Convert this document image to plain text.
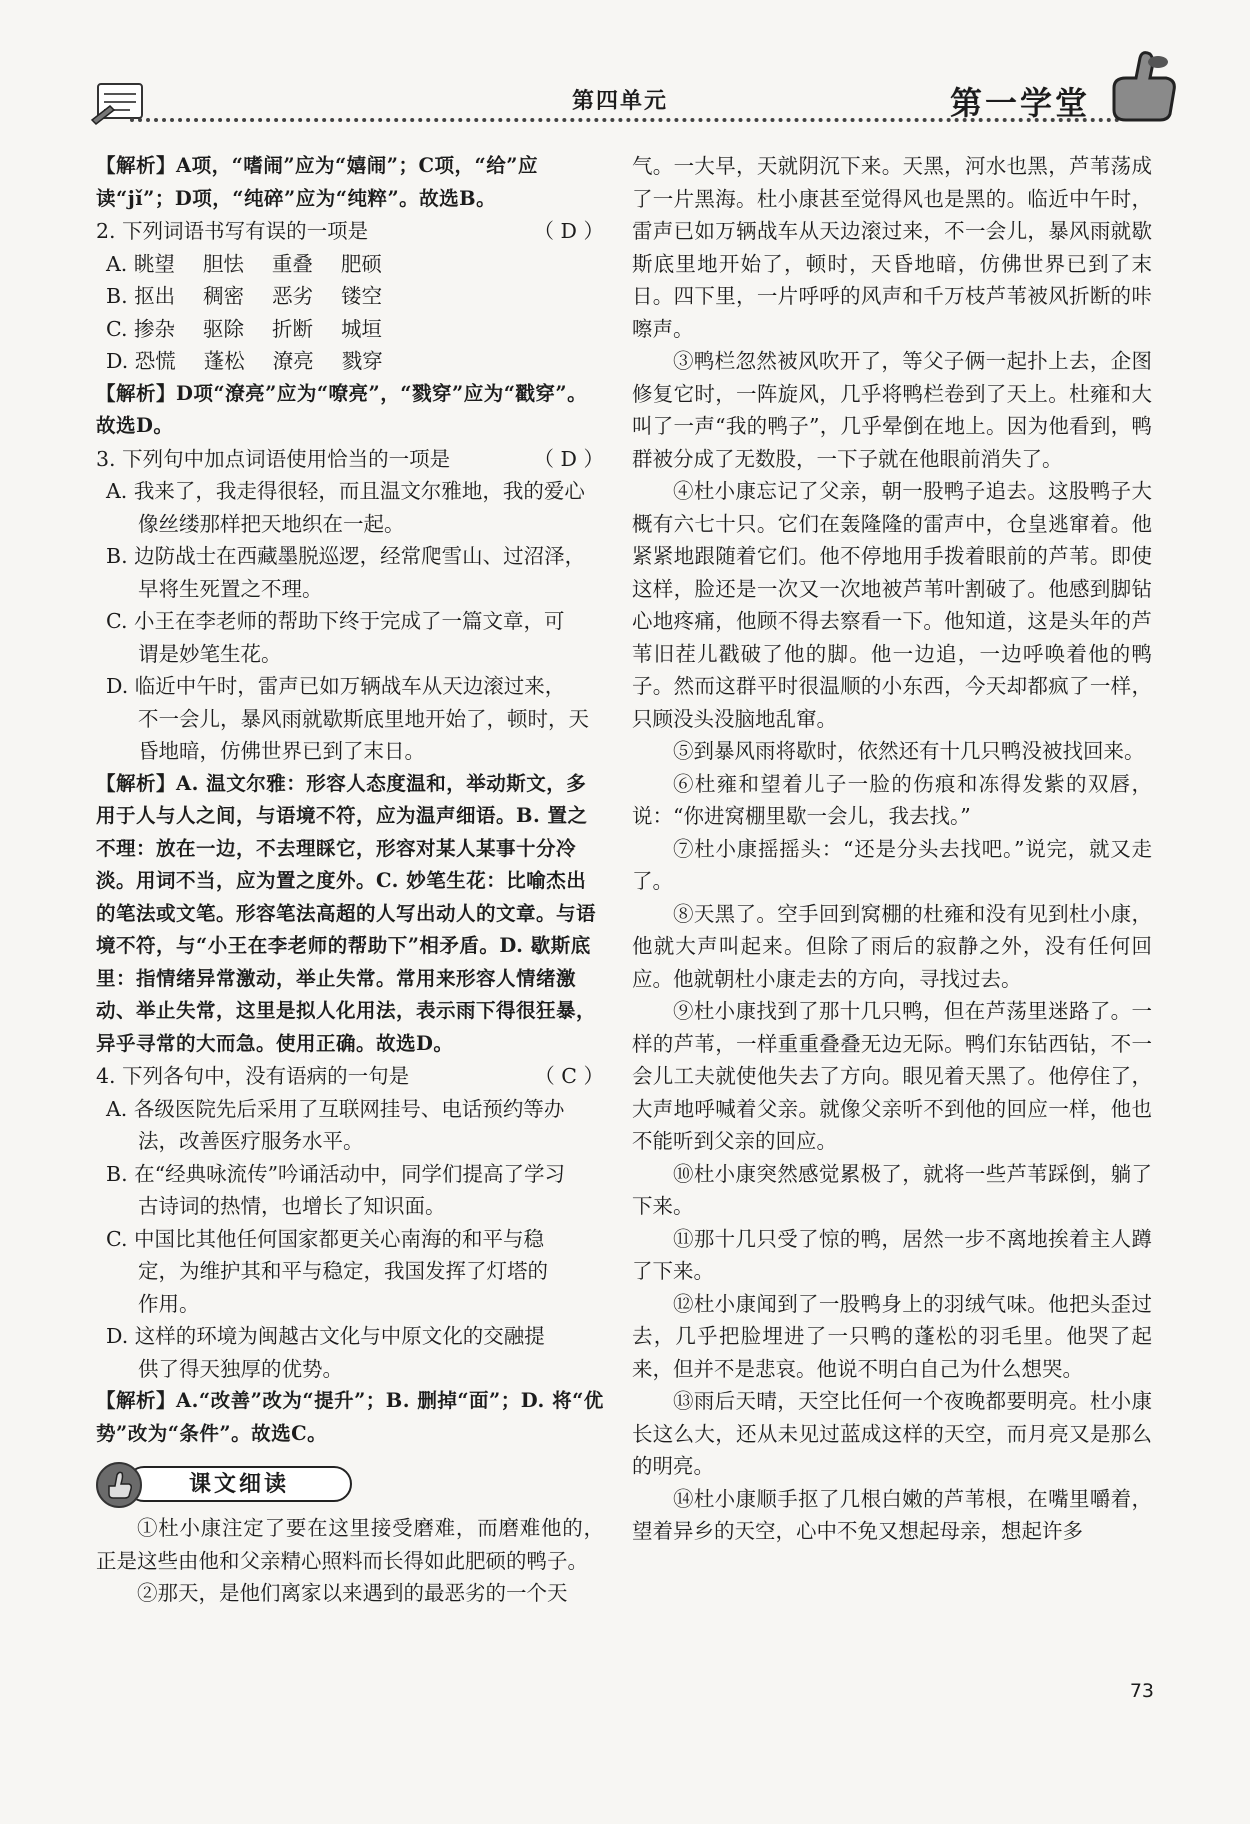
第四单元	第一学堂

【解析】A项，“嗜闹”应为“嬉闹”；C项，“给”应读“jǐ”；D项，“纯碎”应为“纯粹”。故选B。

2. 下列词语书写有误的一项是	（ D ）
A. 眺望 胆怯 重叠 肥硕
B. 抠出 稠密 恶劣 镂空
C. 掺杂 驱除 折断 城垣
D. 恐慌 蓬松 潦亮 戮穿

【解析】D项“潦亮”应为“嘹亮”，“戮穿”应为“戳穿”。故选D。

3. 下列句中加点词语使用恰当的一项是	（ D ）

A. 我来了，我走得很轻，而且温文尔雅地，我的爱心

像丝缕那样把天地织在一起。

B. 边防战士在西藏墨脱巡逻，经常爬雪山、过沼泽，

早将生死置之不理。

C. 小王在李老师的帮助下终于完成了一篇文章，可

谓是妙笔生花。

D. 临近中午时，雷声已如万辆战车从天边滚过来，

不一会儿，暴风雨就歇斯底里地开始了，顿时，天

昏地暗，仿佛世界已到了末日。

【解析】A. 温文尔雅：形容人态度温和，举动斯文，多用于人与人之间，与语境不符，应为温声细语。B. 置之不理：放在一边，不去理睬它，形容对某人某事十分冷淡。用词不当，应为置之度外。C. 妙笔生花：比喻杰出的笔法或文笔。形容笔法高超的人写出动人的文章。与语境不符，与“小王在李老师的帮助下”相矛盾。D. 歇斯底里：指情绪异常激动，举止失常。常用来形容人情绪激动、举止失常，这里是拟人化用法，表示雨下得很狂暴，异乎寻常的大而急。使用正确。故选D。

4. 下列各句中，没有语病的一句是	（ C ）

A. 各级医院先后采用了互联网挂号、电话预约等办

法，改善医疗服务水平。

B. 在“经典咏流传”吟诵活动中，同学们提高了学习

古诗词的热情，也增长了知识面。

C. 中国比其他任何国家都更关心南海的和平与稳

定，为维护其和平与稳定，我国发挥了灯塔的

作用。

D. 这样的环境为闽越古文化与中原文化的交融提

供了得天独厚的优势。

【解析】A.“改善”改为“提升”；B. 删掉“面”；D. 将“优势”改为“条件”。故选C。

课文细读

①杜小康注定了要在这里接受磨难，而磨难他的，正是这些由他和父亲精心照料而长得如此肥硕的鸭子。

②那天，是他们离家以来遇到的最恶劣的一个天

气。一大早，天就阴沉下来。天黑，河水也黑，芦苇荡成了一片黑海。杜小康甚至觉得风也是黑的。临近中午时，雷声已如万辆战车从天边滚过来，不一会儿，暴风雨就歇斯底里地开始了，顿时，天昏地暗，仿佛世界已到了末日。四下里，一片呼呼的风声和千万枝芦苇被风折断的咔嚓声。

③鸭栏忽然被风吹开了，等父子俩一起扑上去，企图修复它时，一阵旋风，几乎将鸭栏卷到了天上。杜雍和大叫了一声“我的鸭子”，几乎晕倒在地上。因为他看到，鸭群被分成了无数股，一下子就在他眼前消失了。

④杜小康忘记了父亲，朝一股鸭子追去。这股鸭子大概有六七十只。它们在轰隆隆的雷声中，仓皇逃窜着。他紧紧地跟随着它们。他不停地用手拨着眼前的芦苇。即使这样，脸还是一次又一次地被芦苇叶割破了。他感到脚钻心地疼痛，他顾不得去察看一下。他知道，这是头年的芦苇旧茬儿戳破了他的脚。他一边追，一边呼唤着他的鸭子。然而这群平时很温顺的小东西，今天却都疯了一样，只顾没头没脑地乱窜。

⑤到暴风雨将歇时，依然还有十几只鸭没被找回来。

⑥杜雍和望着儿子一脸的伤痕和冻得发紫的双唇，说：“你进窝棚里歇一会儿，我去找。”

⑦杜小康摇摇头：“还是分头去找吧。”说完，就又走了。

⑧天黑了。空手回到窝棚的杜雍和没有见到杜小康，他就大声叫起来。但除了雨后的寂静之外，没有任何回应。他就朝杜小康走去的方向，寻找过去。

⑨杜小康找到了那十几只鸭，但在芦荡里迷路了。一样的芦苇，一样重重叠叠无边无际。鸭们东钻西钻，不一会儿工夫就使他失去了方向。眼见着天黑了。他停住了，大声地呼喊着父亲。就像父亲听不到他的回应一样，他也不能听到父亲的回应。

⑩杜小康突然感觉累极了，就将一些芦苇踩倒，躺了下来。

⑪那十几只受了惊的鸭，居然一步不离地挨着主人蹲了下来。

⑫杜小康闻到了一股鸭身上的羽绒气味。他把头歪过去，几乎把脸埋进了一只鸭的蓬松的羽毛里。他哭了起来，但并不是悲哀。他说不明白自己为什么想哭。

⑬雨后天晴，天空比任何一个夜晚都要明亮。杜小康长这么大，还从未见过蓝成这样的天空，而月亮又是那么的明亮。

⑭杜小康顺手抠了几根白嫩的芦苇根，在嘴里嚼着，望着异乡的天空，心中不免又想起母亲，想起许多

73
